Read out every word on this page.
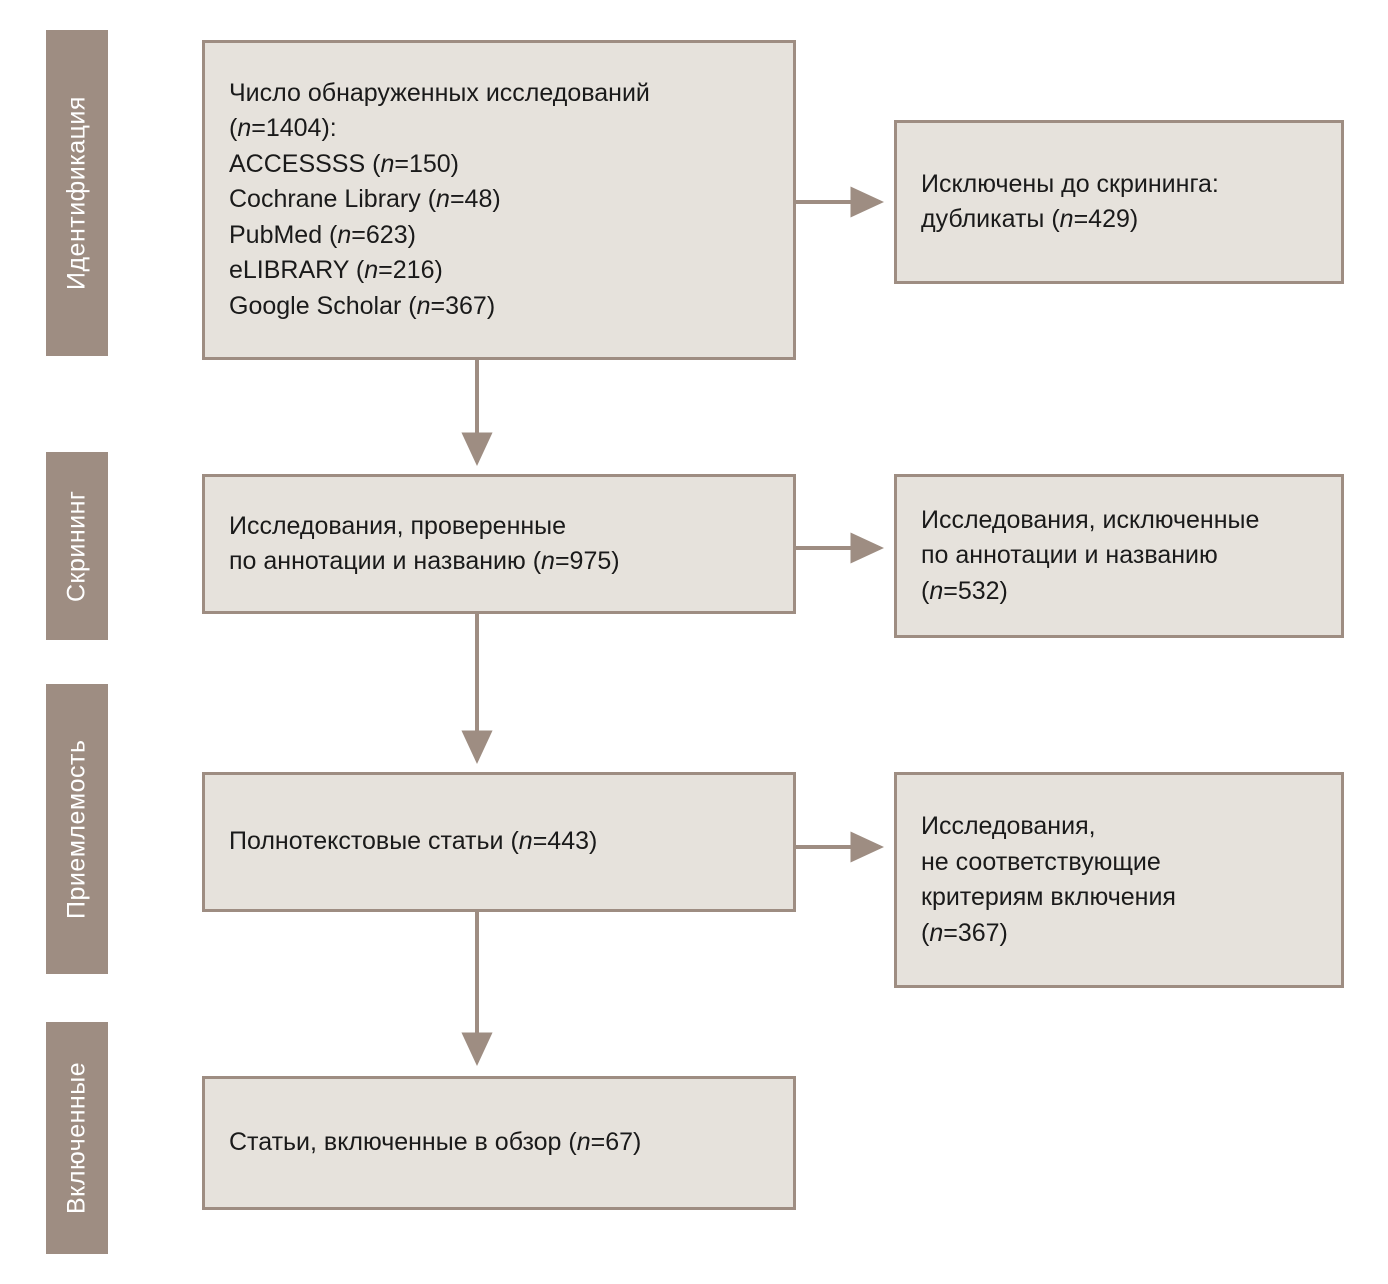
Идентификация
Скрининг
Приемлемость
Включенные
Число обнаруженных исследований
(n=1404):
ACCESSSS (n=150)
Cochrane Library (n=48)
PubMed (n=623)
eLIBRARY (n=216)
Google Scholar (n=367)
Исключены до скрининга:
дубликаты (n=429)
Исследования, проверенные
по аннотации и названию (n=975)
Исследования, исключенные
по аннотации и названию
(n=532)
Полнотекстовые статьи (n=443)
Исследования,
не соответствующие
критериям включения
(n=367)
Статьи, включенные в обзор (n=67)
